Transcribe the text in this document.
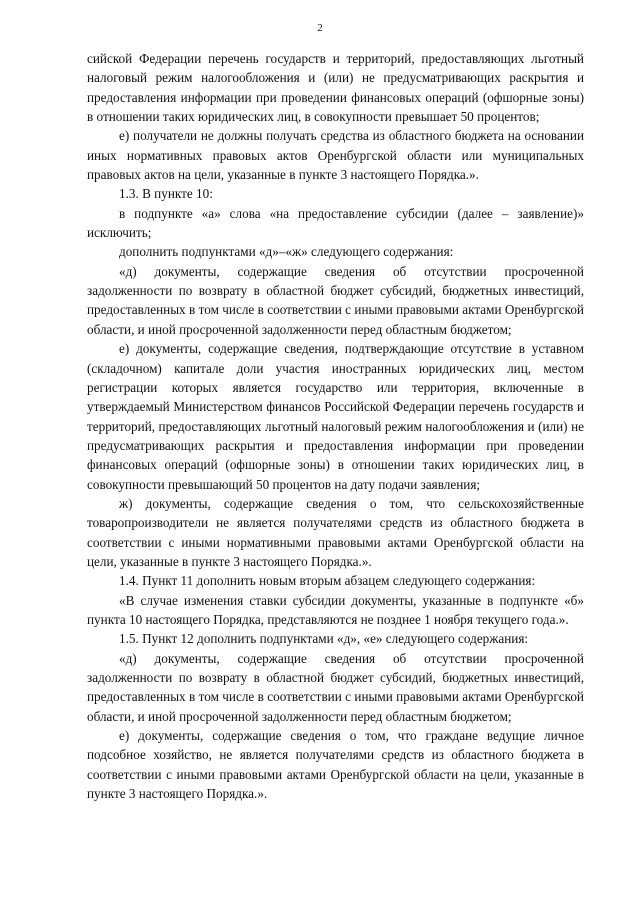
2

сийской Федерации перечень государств и территорий, предоставляющих льготный налоговый режим налогообложения и (или) не предусматривающих раскрытия и предоставления информации при проведении финансовых операций (офшорные зоны) в отношении таких юридических лиц, в совокупности превышает 50 процентов;

е) получатели не должны получать средства из областного бюджета на основании иных нормативных правовых актов Оренбургской области или муниципальных правовых актов на цели, указанные в пункте 3 настоящего Порядка.».

1.3. В пункте 10:

в подпункте «а» слова «на предоставление субсидии (далее – заявление)» исключить;

дополнить подпунктами «д»–«ж» следующего содержания:

«д) документы, содержащие сведения об отсутствии просроченной задолженности по возврату в областной бюджет субсидий, бюджетных инвестиций, предоставленных в том числе в соответствии с иными правовыми актами Оренбургской области, и иной просроченной задолженности перед областным бюджетом;

е) документы, содержащие сведения, подтверждающие отсутствие в уставном (складочном) капитале доли участия иностранных юридических лиц, местом регистрации которых является государство или территория, включенные в утверждаемый Министерством финансов Российской Федерации перечень государств и территорий, предоставляющих льготный налоговый режим налогообложения и (или) не предусматривающих раскрытия и предоставления информации при проведении финансовых операций (офшорные зоны) в отношении таких юридических лиц, в совокупности превышающий 50 процентов на дату подачи заявления;

ж) документы, содержащие сведения о том, что сельскохозяйственные товаропроизводители не является получателями средств из областного бюджета в соответствии с иными нормативными правовыми актами Оренбургской области на цели, указанные в пункте 3 настоящего Порядка.».

1.4. Пункт 11 дополнить новым вторым абзацем следующего содержания:

«В случае изменения ставки субсидии документы, указанные в подпункте «б» пункта 10 настоящего Порядка, представляются не позднее 1 ноября текущего года.».

1.5. Пункт 12 дополнить подпунктами «д», «е» следующего содержания:

«д) документы, содержащие сведения об отсутствии просроченной задолженности по возврату в областной бюджет субсидий, бюджетных инвестиций, предоставленных в том числе в соответствии с иными правовыми актами Оренбургской области, и иной просроченной задолженности перед областным бюджетом;

е) документы, содержащие сведения о том, что граждане ведущие личное подсобное хозяйство, не является получателями средств из областного бюджета в соответствии с иными правовыми актами Оренбургской области на цели, указанные в пункте 3 настоящего Порядка.».
